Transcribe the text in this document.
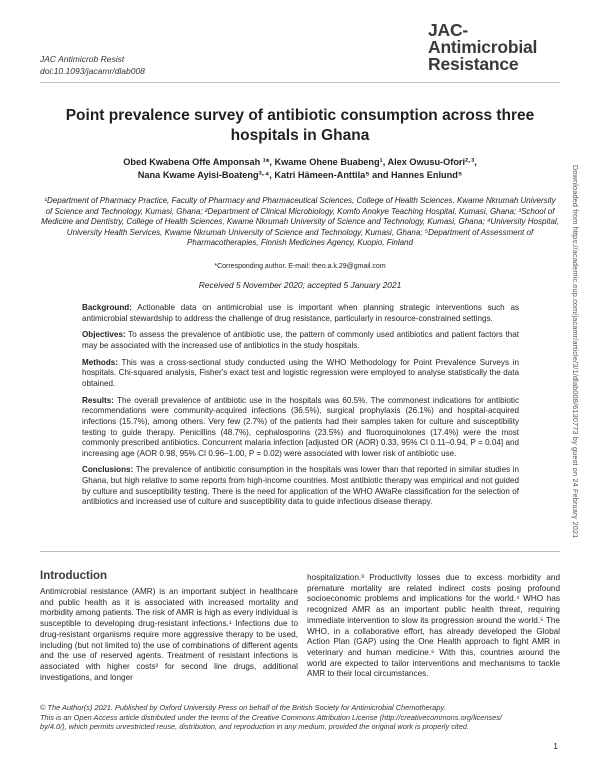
JAC Antimicrob Resist
doi:10.1093/jacamr/dlab008
JAC-
Antimicrobial
Resistance
Point prevalence survey of antibiotic consumption across three hospitals in Ghana
Obed Kwabena Offe Amponsah ¹*, Kwame Ohene Buabeng¹, Alex Owusu-Ofori²·³,
Nana Kwame Ayisi-Boateng³·⁴, Katri Hämeen-Anttila⁵ and Hannes Enlund⁵
¹Department of Pharmacy Practice, Faculty of Pharmacy and Pharmaceutical Sciences, College of Health Sciences, Kwame Nkrumah University of Science and Technology, Kumasi, Ghana; ²Department of Clinical Microbiology, Komfo Anokye Teaching Hospital, Kumasi, Ghana; ³School of Medicine and Dentistry, College of Health Sciences, Kwame Nkrumah University of Science and Technology, Kumasi, Ghana; ⁴University Hospital, University Health Services, Kwame Nkrumah University of Science and Technology, Kumasi, Ghana; ⁵Department of Assessment of Pharmacotherapies, Finnish Medicines Agency, Kuopio, Finland
*Corresponding author. E-mail: theo.a.k.29@gmail.com
Received 5 November 2020; accepted 5 January 2021

Background: Actionable data on antimicrobial use is important when planning strategic interventions such as antimicrobial stewardship to address the challenge of drug resistance, particularly in resource-constrained settings.

Objectives: To assess the prevalence of antibiotic use, the pattern of commonly used antibiotics and patient factors that may be associated with the increased use of antibiotics in the study hospitals.

Methods: This was a cross-sectional study conducted using the WHO Methodology for Point Prevalence Surveys in hospitals. Chi-squared analysis, Fisher's exact test and logistic regression were employed to analyse statistically the data obtained.

Results: The overall prevalence of antibiotic use in the hospitals was 60.5%. The commonest indications for antibiotic recommendations were community-acquired infections (36.5%), surgical prophylaxis (26.1%) and hospital-acquired infections (15.7%), among others. Very few (2.7%) of the patients had their samples taken for culture and susceptibility testing to guide therapy. Penicillins (48.7%), cephalosporins (23.5%) and fluoroquinolones (17.4%) were the most commonly prescribed antibiotics. Concurrent malaria infection [adjusted OR (AOR) 0.33, 95% CI 0.11–0.94, P = 0.04] and increasing age (AOR 0.98, 95% CI 0.96–1.00, P = 0.02) were associated with lower risk of antibiotic use.

Conclusions: The prevalence of antibiotic consumption in the hospitals was lower than that reported in similar studies in Ghana, but high relative to some reports from high-income countries. Most antibiotic therapy was empirical and not guided by culture and susceptibility testing. There is the need for application of the WHO AWaRe classification for the selection of antibiotics and increased use of culture and susceptibility data to guide infectious disease therapy.

Introduction
Antimicrobial resistance (AMR) is an important subject in healthcare and public health as it is associated with increased mortality and morbidity among patients. The risk of AMR is high as every individual is susceptible to developing drug-resistant infections.¹ Infections due to drug-resistant organisms require more aggressive therapy to be used, including (but not limited to) the use of combinations of different agents and the use of reserved agents. Treatment of resistant infections is associated with higher costs² for second line drugs, additional investigations, and longer
hospitalization.³ Productivity losses due to excess morbidity and premature mortality are related indirect costs posing profound socioeconomic problems and implications for the world.⁴ WHO has recognized AMR as an important public health threat, requiring immediate intervention to slow its progression around the world.⁵ The WHO, in a collaborative effort, has already developed the Global Action Plan (GAP) using the One Health approach to fight AMR in veterinary and human medicine.⁶ With this, countries around the world are expected to tailor interventions and mechanisms to tackle AMR to their local circumstances.
© The Author(s) 2021. Published by Oxford University Press on behalf of the British Society for Antimicrobial Chemotherapy.
This is an Open Access article distributed under the terms of the Creative Commons Attribution License (http://creativecommons.org/licenses/
by/4.0/), which permits unrestricted reuse, distribution, and reproduction in any medium, provided the original work is properly cited.
1
Downloaded from https://academic.oup.com/jacamr/article/3/1/dlab008/6130773 by guest on 24 February 2021
